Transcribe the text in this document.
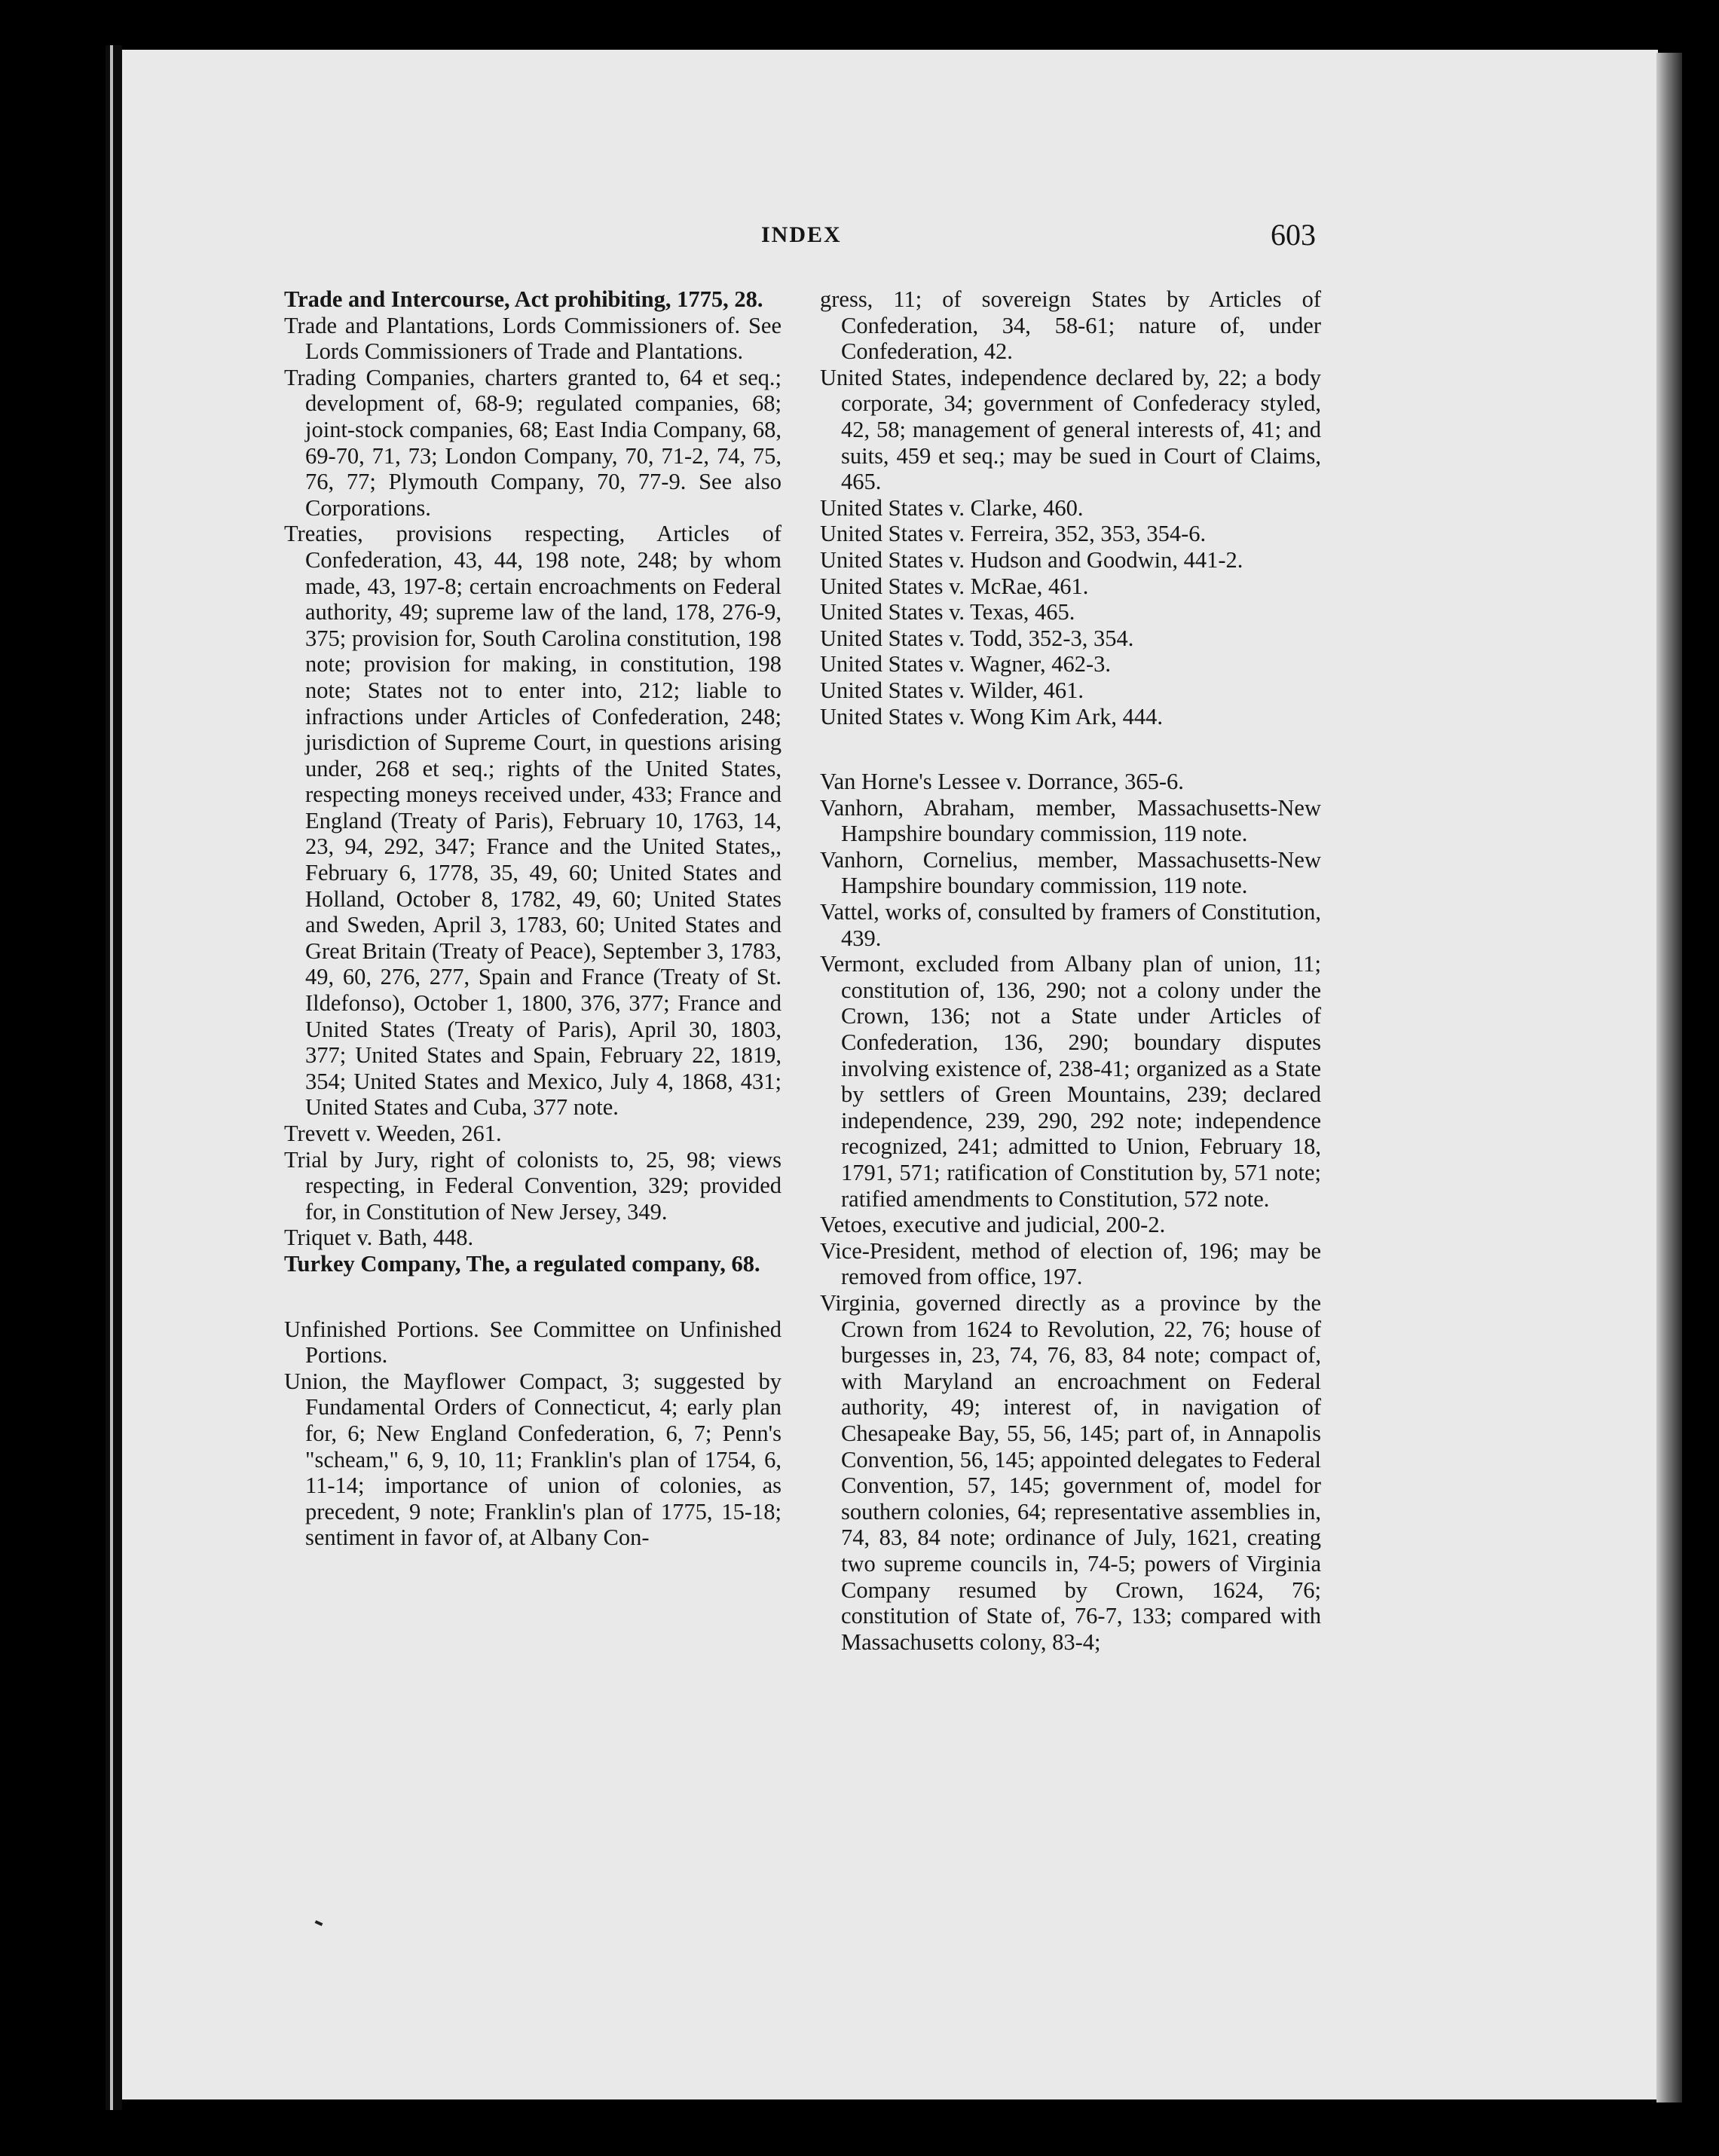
INDEX	603

Trade and Intercourse, Act prohibiting, 1775, 28.

Trade and Plantations, Lords Commissioners of. See Lords Commissioners of Trade and Plantations.

Trading Companies, charters granted to, 64 et seq.; development of, 68-9; regulated companies, 68; joint-stock companies, 68; East India Company, 68, 69-70, 71, 73; London Company, 70, 71-2, 74, 75, 76, 77; Plymouth Company, 70, 77-9. See also Corporations.

Treaties, provisions respecting, Articles of Confederation, 43, 44, 198 note, 248; by whom made, 43, 197-8; certain encroachments on Federal authority, 49; supreme law of the land, 178, 276-9, 375; provision for, South Carolina constitution, 198 note; provision for making, in constitution, 198 note; States not to enter into, 212; liable to infractions under Articles of Confederation, 248; jurisdiction of Supreme Court, in questions arising under, 268 et seq.; rights of the United States, respecting moneys received under, 433; France and England (Treaty of Paris), February 10, 1763, 14, 23, 94, 292, 347; France and the United States,, February 6, 1778, 35, 49, 60; United States and Holland, October 8, 1782, 49, 60; United States and Sweden, April 3, 1783, 60; United States and Great Britain (Treaty of Peace), September 3, 1783, 49, 60, 276, 277, Spain and France (Treaty of St. Ildefonso), October 1, 1800, 376, 377; France and United States (Treaty of Paris), April 30, 1803, 377; United States and Spain, February 22, 1819, 354; United States and Mexico, July 4, 1868, 431; United States and Cuba, 377 note.

Trevett v. Weeden, 261.

Trial by Jury, right of colonists to, 25, 98; views respecting, in Federal Convention, 329; provided for, in Constitution of New Jersey, 349.

Triquet v. Bath, 448.

Turkey Company, The, a regulated company, 68.

Unfinished Portions. See Committee on Unfinished Portions.

Union, the Mayflower Compact, 3; suggested by Fundamental Orders of Connecticut, 4; early plan for, 6; New England Confederation, 6, 7; Penn's "scheam," 6, 9, 10, 11; Franklin's plan of 1754, 6, 11-14; importance of union of colonies, as precedent, 9 note; Franklin's plan of 1775, 15-18; sentiment in favor of, at Albany Con-

gress, 11; of sovereign States by Articles of Confederation, 34, 58-61; nature of, under Confederation, 42.

United States, independence declared by, 22; a body corporate, 34; government of Confederacy styled, 42, 58; management of general interests of, 41; and suits, 459 et seq.; may be sued in Court of Claims, 465.

United States v. Clarke, 460.

United States v. Ferreira, 352, 353, 354-6.

United States v. Hudson and Goodwin, 441-2.

United States v. McRae, 461.

United States v. Texas, 465.

United States v. Todd, 352-3, 354.

United States v. Wagner, 462-3.

United States v. Wilder, 461.

United States v. Wong Kim Ark, 444.

Van Horne's Lessee v. Dorrance, 365-6.

Vanhorn, Abraham, member, Massachusetts-New Hampshire boundary commission, 119 note.

Vanhorn, Cornelius, member, Massachusetts-New Hampshire boundary commission, 119 note.

Vattel, works of, consulted by framers of Constitution, 439.

Vermont, excluded from Albany plan of union, 11; constitution of, 136, 290; not a colony under the Crown, 136; not a State under Articles of Confederation, 136, 290; boundary disputes involving existence of, 238-41; organized as a State by settlers of Green Mountains, 239; declared independence, 239, 290, 292 note; independence recognized, 241; admitted to Union, February 18, 1791, 571; ratification of Constitution by, 571 note; ratified amendments to Constitution, 572 note.

Vetoes, executive and judicial, 200-2.

Vice-President, method of election of, 196; may be removed from office, 197.

Virginia, governed directly as a province by the Crown from 1624 to Revolution, 22, 76; house of burgesses in, 23, 74, 76, 83, 84 note; compact of, with Maryland an encroachment on Federal authority, 49; interest of, in navigation of Chesapeake Bay, 55, 56, 145; part of, in Annapolis Convention, 56, 145; appointed delegates to Federal Convention, 57, 145; government of, model for southern colonies, 64; representative assemblies in, 74, 83, 84 note; ordinance of July, 1621, creating two supreme councils in, 74-5; powers of Virginia Company resumed by Crown, 1624, 76; constitution of State of, 76-7, 133; compared with Massachusetts colony, 83-4;
